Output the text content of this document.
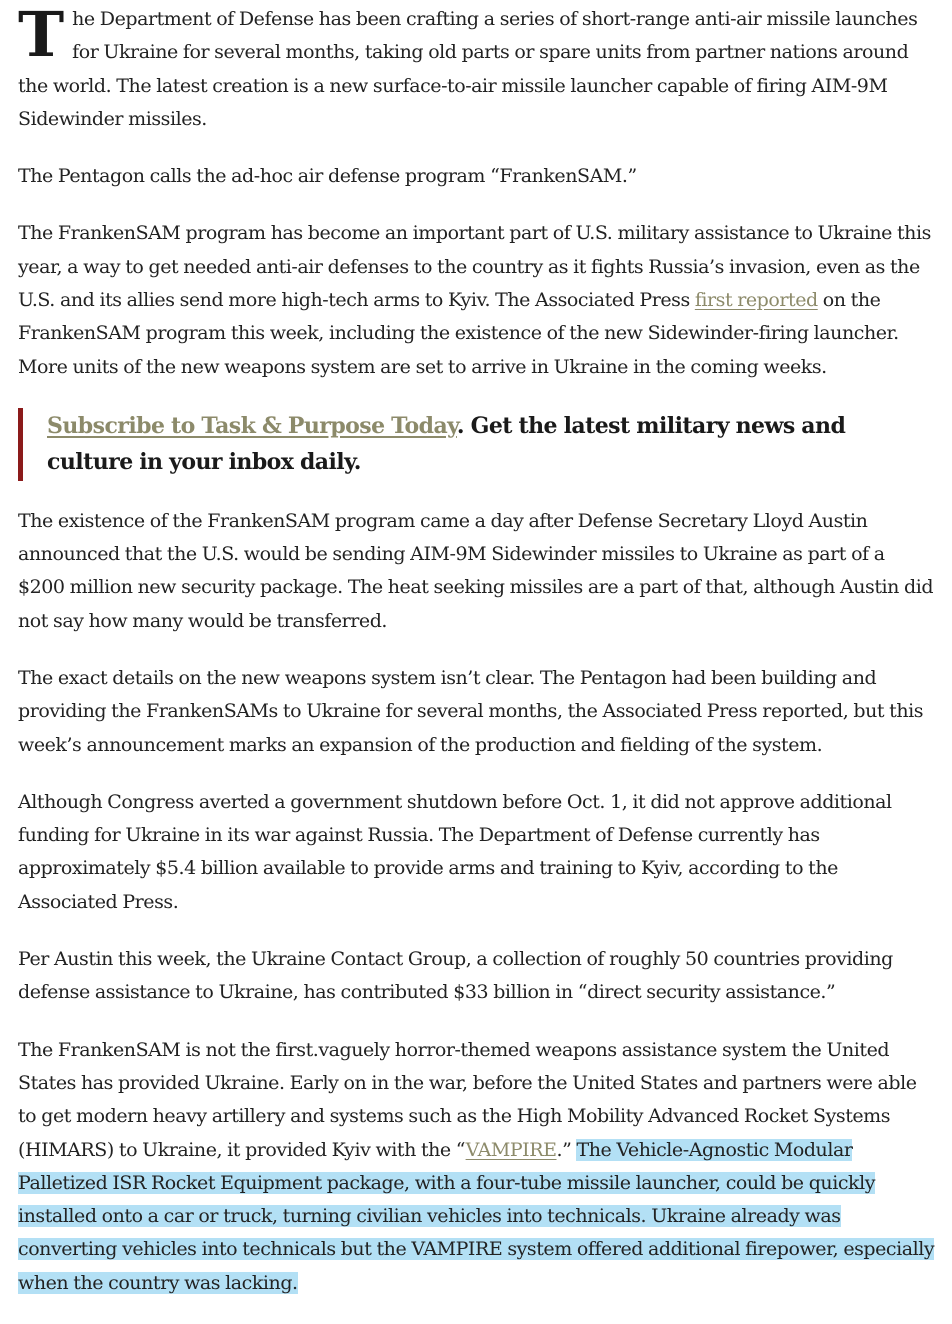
The Department of Defense has been crafting a series of short-range anti-air missile launches for Ukraine for several months, taking old parts or spare units from partner nations around the world. The latest creation is a new surface-to-air missile launcher capable of firing AIM-9M Sidewinder missiles.

The Pentagon calls the ad-hoc air defense program “FrankenSAM.”

The FrankenSAM program has become an important part of U.S. military assistance to Ukraine this year, a way to get needed anti-air defenses to the country as it fights Russia’s invasion, even as the U.S. and its allies send more high-tech arms to Kyiv. The Associated Press first reported on the FrankenSAM program this week, including the existence of the new Sidewinder-firing launcher. More units of the new weapons system are set to arrive in Ukraine in the coming weeks.

Subscribe to Task & Purpose Today. Get the latest military news and culture in your inbox daily.

The existence of the FrankenSAM program came a day after Defense Secretary Lloyd Austin announced that the U.S. would be sending AIM-9M Sidewinder missiles to Ukraine as part of a $200 million new security package. The heat seeking missiles are a part of that, although Austin did not say how many would be transferred.

The exact details on the new weapons system isn’t clear. The Pentagon had been building and providing the FrankenSAMs to Ukraine for several months, the Associated Press reported, but this week’s announcement marks an expansion of the production and fielding of the system.

Although Congress averted a government shutdown before Oct. 1, it did not approve additional funding for Ukraine in its war against Russia. The Department of Defense currently has approximately $5.4 billion available to provide arms and training to Kyiv, according to the Associated Press.

Per Austin this week, the Ukraine Contact Group, a collection of roughly 50 countries providing defense assistance to Ukraine, has contributed $33 billion in “direct security assistance.”

The FrankenSAM is not the first.vaguely horror-themed weapons assistance system the United States has provided Ukraine. Early on in the war, before the United States and partners were able to get modern heavy artillery and systems such as the High Mobility Advanced Rocket Systems (HIMARS) to Ukraine, it provided Kyiv with the “VAMPIRE.” The Vehicle-Agnostic Modular Palletized ISR Rocket Equipment package, with a four-tube missile launcher, could be quickly installed onto a car or truck, turning civilian vehicles into technicals. Ukraine already was converting vehicles into technicals but the VAMPIRE system offered additional firepower, especially when the country was lacking.
